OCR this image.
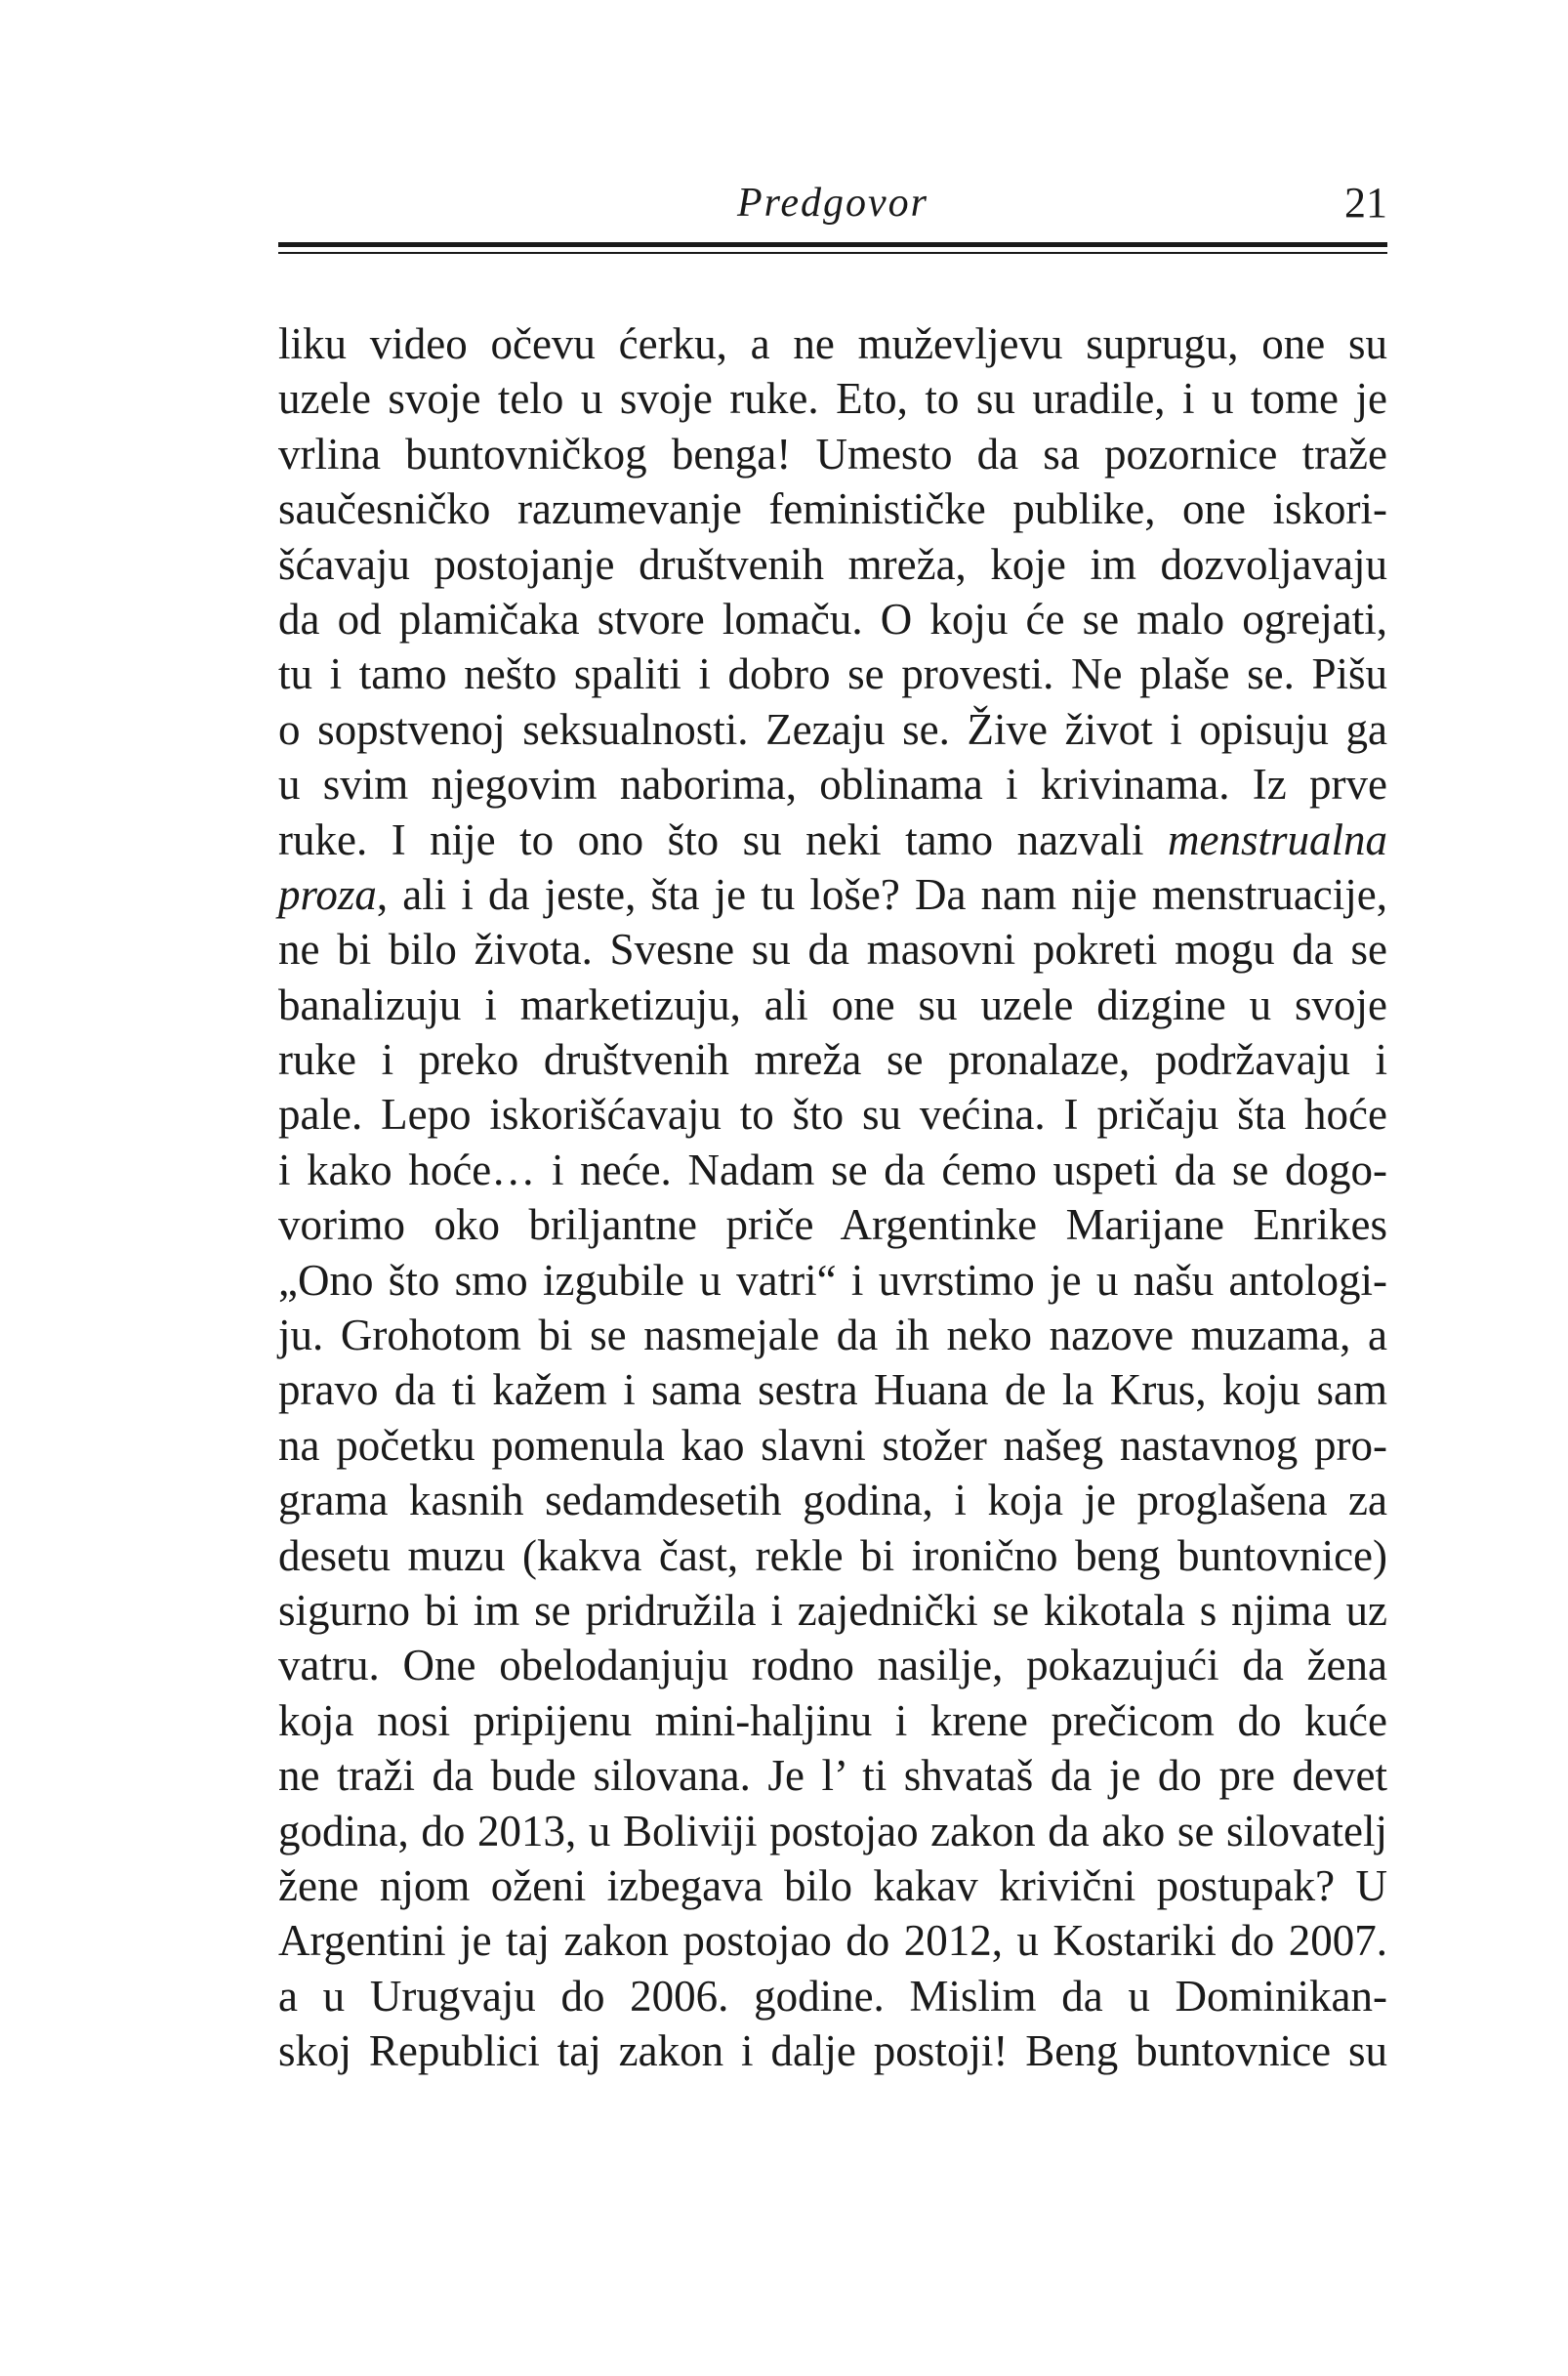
Predgovor	21
liku video očevu ćerku, a ne muževljevu suprugu, one su
uzele svoje telo u svoje ruke. Eto, to su uradile, i u tome je
vrlina buntovničkog benga! Umesto da sa pozornice traže
saučesničko razumevanje feminističke publike, one iskori-
šćavaju postojanje društvenih mreža, koje im dozvoljavaju
da od plamičaka stvore lomaču. O koju će se malo ogrejati,
tu i tamo nešto spaliti i dobro se provesti. Ne plaše se. Pišu
o sopstvenoj seksualnosti. Zezaju se. Žive život i opisuju ga
u svim njegovim naborima, oblinama i krivinama. Iz prve
ruke. I nije to ono što su neki tamo nazvali menstrualna
proza, ali i da jeste, šta je tu loše? Da nam nije menstruacije,
ne bi bilo života. Svesne su da masovni pokreti mogu da se
banalizuju i marketizuju, ali one su uzele dizgine u svoje
ruke i preko društvenih mreža se pronalaze, podržavaju i
pale. Lepo iskorišćavaju to što su većina. I pričaju šta hoće
i kako hoće… i neće. Nadam se da ćemo uspeti da se dogo-
vorimo oko briljantne priče Argentinke Marijane Enrikes
„Ono što smo izgubile u vatri“ i uvrstimo je u našu antologi-
ju. Grohotom bi se nasmejale da ih neko nazove muzama, a
pravo da ti kažem i sama sestra Huana de la Krus, koju sam
na početku pomenula kao slavni stožer našeg nastavnog pro-
grama kasnih sedamdesetih godina, i koja je proglašena za
desetu muzu (kakva čast, rekle bi ironično beng buntovnice)
sigurno bi im se pridružila i zajednički se kikotala s njima uz
vatru. One obelodanjuju rodno nasilje, pokazujući da žena
koja nosi pripijenu mini-haljinu i krene prečicom do kuće
ne traži da bude silovana. Je l’ ti shvataš da je do pre devet
godina, do 2013, u Boliviji postojao zakon da ako se silovatelj
žene njom oženi izbegava bilo kakav krivični postupak? U
Argentini je taj zakon postojao do 2012, u Kostariki do 2007.
a u Urugvaju do 2006. godine. Mislim da u Dominikan-
skoj Republici taj zakon i dalje postoji! Beng buntovnice su
